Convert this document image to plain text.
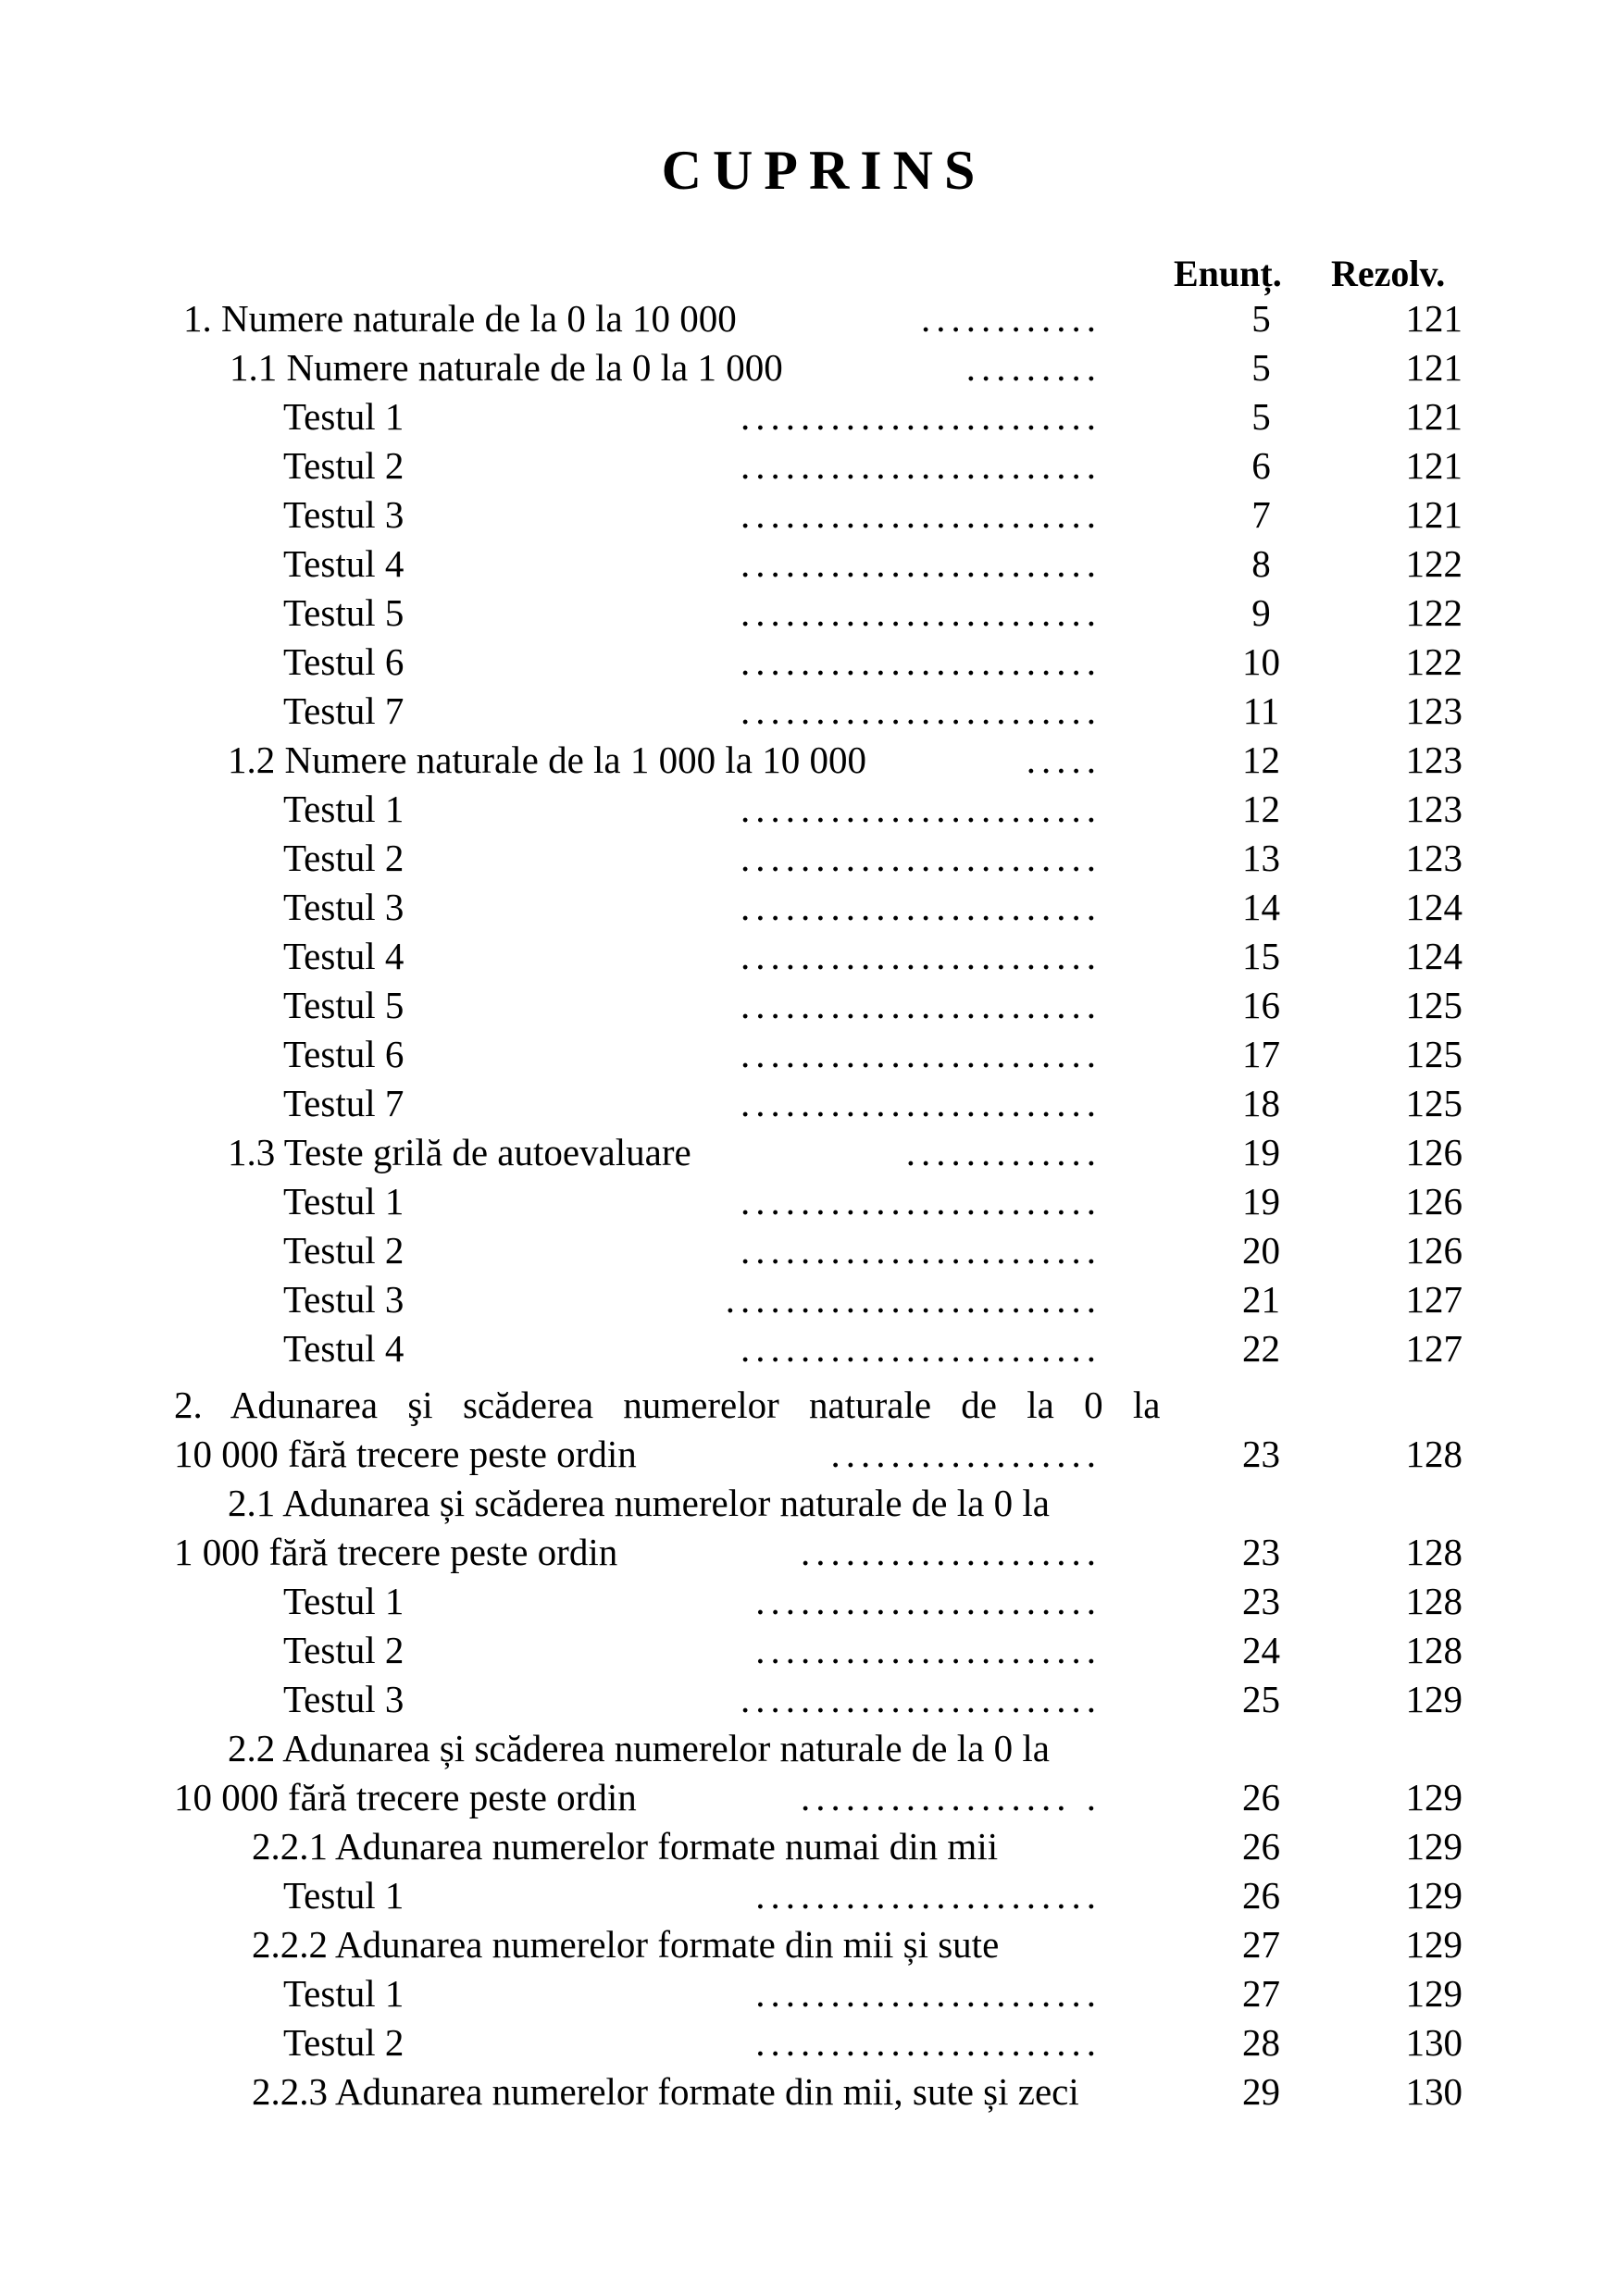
CUPRINS
Enunț. Rezolv.
1. Numere naturale de la 0 la 10 000	............	5	121
1.1 Numere naturale de la 0 la 1 000	.........	5	121
Testul 1	........................	5	121
Testul 2	........................	6	121
Testul 3	........................	7	121
Testul 4	........................	8	122
Testul 5	........................	9	122
Testul 6	........................	10	122
Testul 7	........................	11	123
1.2 Numere naturale de la 1 000 la 10 000	.....	12	123
Testul 1	........................	12	123
Testul 2	........................	13	123
Testul 3	........................	14	124
Testul 4	........................	15	124
Testul 5	........................	16	125
Testul 6	........................	17	125
Testul 7	........................	18	125
1.3 Teste grilă de autoevaluare	.............	19	126
Testul 1	........................	19	126
Testul 2	........................	20	126
Testul 3	.........................	21	127
Testul 4	........................	22	127
2. Adunarea şi scăderea numerelor naturale de la 0 la
10 000 fără trecere peste ordin	..................	23	128
2.1 Adunarea și scăderea numerelor naturale de la 0 la
1 000 fără trecere peste ordin	....................	23	128
Testul 1	.......................	23	128
Testul 2	.......................	24	128
Testul 3	........................	25	129
2.2 Adunarea și scăderea numerelor naturale de la 0 la
10 000 fără trecere peste ordin	.................. .	26	129
2.2.1 Adunarea numerelor formate numai din mii	26	129
Testul 1	.......................	26	129
2.2.2 Adunarea numerelor formate din mii și sute	27	129
Testul 1	.......................	27	129
Testul 2	.......................	28	130
2.2.3 Adunarea numerelor formate din mii, sute și zeci	29	130
